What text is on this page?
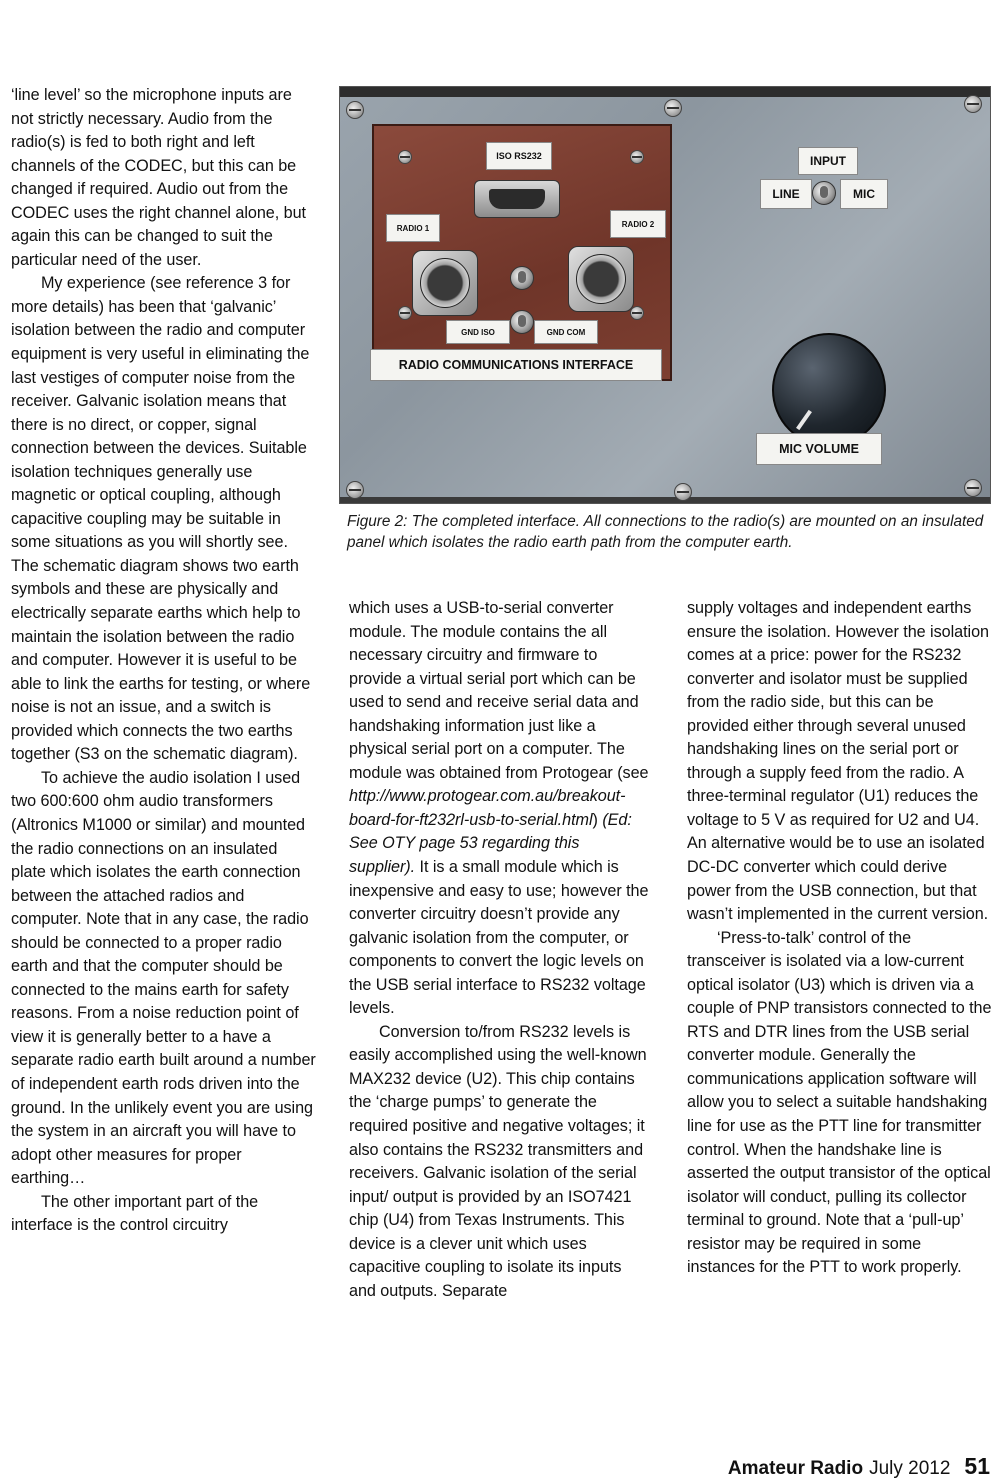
‘line level’ so the microphone inputs are not strictly necessary. Audio from the radio(s) is fed to both right and left channels of the CODEC, but this can be changed if required. Audio out from the CODEC uses the right channel alone, but again this can be changed to suit the particular need of the user.

My experience (see reference 3 for more details) has been that ‘galvanic’ isolation between the radio and computer equipment is very useful in eliminating the last vestiges of computer noise from the receiver. Galvanic isolation means that there is no direct, or copper, signal connection between the devices. Suitable isolation techniques generally use magnetic or optical coupling, although capacitive coupling may be suitable in some situations as you will shortly see. The schematic diagram shows two earth symbols and these are physically and electrically separate earths which help to maintain the isolation between the radio and computer. However it is useful to be able to link the earths for testing, or where noise is not an issue, and a switch is provided which connects the two earths together (S3 on the schematic diagram).

To achieve the audio isolation I used two 600:600 ohm audio transformers (Altronics M1000 or similar) and mounted the radio connections on an insulated plate which isolates the earth connection between the attached radios and computer. Note that in any case, the radio should be connected to a proper radio earth and that the computer should be connected to the mains earth for safety reasons. From a noise reduction point of view it is generally better to a have a separate radio earth built around a number of independent earth rods driven into the ground. In the unlikely event you are using the system in an aircraft you will have to adopt other measures for proper earthing…

The other important part of the interface is the control circuitry

ISO RS232
RADIO 1	RADIO 2
GND ISO	GND COM
RADIO COMMUNICATIONS INTERFACE
INPUT
LINE	MIC
MIC VOLUME
Figure 2: The completed interface. All connections to the radio(s) are mounted on an insulated panel which isolates the radio earth path from the computer earth.

which uses a USB-to-serial converter module. The module contains the all necessary circuitry and firmware to provide a virtual serial port which can be used to send and receive serial data and handshaking information just like a physical serial port on a computer. The module was obtained from Protogear (see http://www.protogear.com.au/breakout-board-for-ft232rl-usb-to-serial.html) (Ed: See OTY page 53 regarding this supplier). It is a small module which is inexpensive and easy to use; however the converter circuitry doesn’t provide any galvanic isolation from the computer, or components to convert the logic levels on the USB serial interface to RS232 voltage levels.

Conversion to/from RS232 levels is easily accomplished using the well-known MAX232 device (U2). This chip contains the ‘charge pumps’ to generate the required positive and negative voltages; it also contains the RS232 transmitters and receivers. Galvanic isolation of the serial input/ output is provided by an ISO7421 chip (U4) from Texas Instruments. This device is a clever unit which uses capacitive coupling to isolate its inputs and outputs. Separate

supply voltages and independent earths ensure the isolation. However the isolation comes at a price: power for the RS232 converter and isolator must be supplied from the radio side, but this can be provided either through several unused handshaking lines on the serial port or through a supply feed from the radio. A three-terminal regulator (U1) reduces the voltage to 5 V as required for U2 and U4. An alternative would be to use an isolated DC-DC converter which could derive power from the USB connection, but that wasn’t implemented in the current version.

‘Press-to-talk’ control of the transceiver is isolated via a low-current optical isolator (U3) which is driven via a couple of PNP transistors connected to the RTS and DTR lines from the USB serial converter module. Generally the communications application software will allow you to select a suitable handshaking line for use as the PTT line for transmitter control. When the handshake line is asserted the output transistor of the optical isolator will conduct, pulling its collector terminal to ground. Note that a ‘pull-up’ resistor may be required in some instances for the PTT to work properly.

Amateur Radio July 2012 51
